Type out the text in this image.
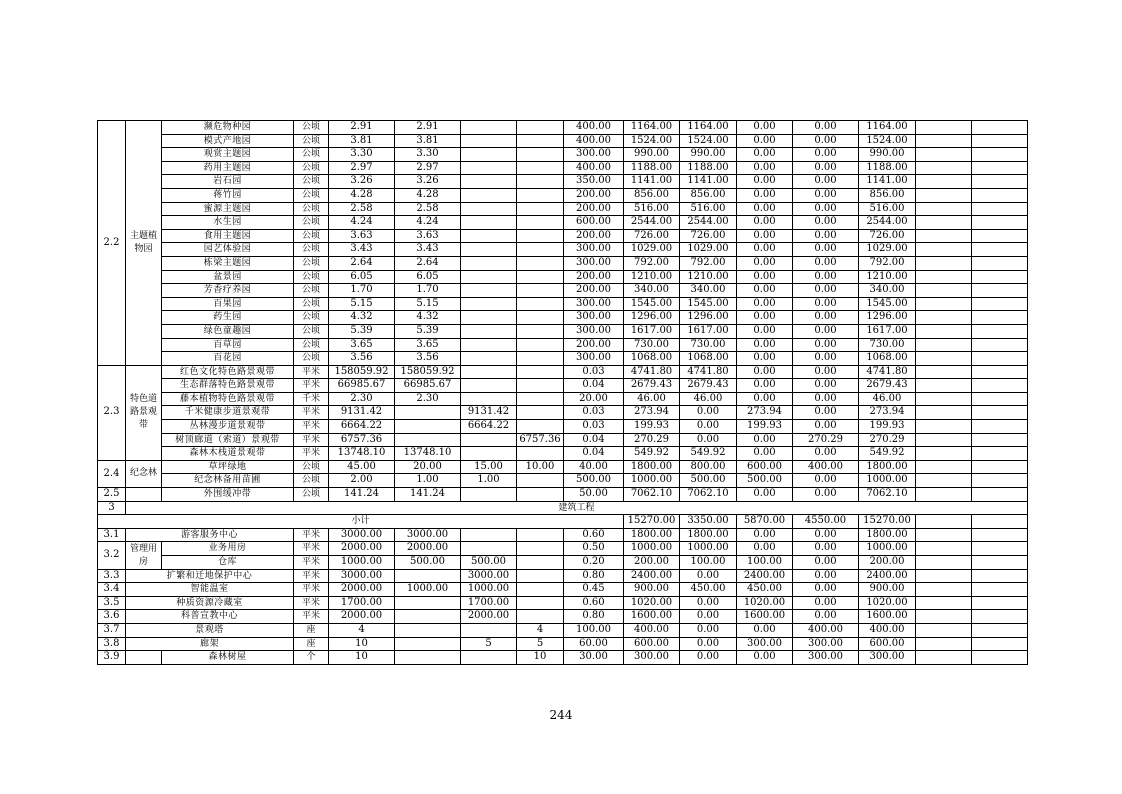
2.2	主题植物园	濒危物种园	公顷	2.91	2.91			400.00	1164.00	1164.00	0.00	0.00	1164.00		
		模式产地园	公顷	3.81	3.81			400.00	1524.00	1524.00	0.00	0.00	1524.00		
		观赏主题园	公顷	3.30	3.30			300.00	990.00	990.00	0.00	0.00	990.00		
		药用主题园	公顷	2.97	2.97			400.00	1188.00	1188.00	0.00	0.00	1188.00		
		岩石园	公顷	3.26	3.26			350.00	1141.00	1141.00	0.00	0.00	1141.00		
		蒋竹园	公顷	4.28	4.28			200.00	856.00	856.00	0.00	0.00	856.00		
		蜜源主题园	公顷	2.58	2.58			200.00	516.00	516.00	0.00	0.00	516.00		
		水生园	公顷	4.24	4.24			600.00	2544.00	2544.00	0.00	0.00	2544.00		
		食用主题园	公顷	3.63	3.63			200.00	726.00	726.00	0.00	0.00	726.00		
		园艺体验园	公顷	3.43	3.43			300.00	1029.00	1029.00	0.00	0.00	1029.00		
		栋梁主题园	公顷	2.64	2.64			300.00	792.00	792.00	0.00	0.00	792.00		
		盆景园	公顷	6.05	6.05			200.00	1210.00	1210.00	0.00	0.00	1210.00		
		芳香疗养园	公顷	1.70	1.70			200.00	340.00	340.00	0.00	0.00	340.00		
		百果园	公顷	5.15	5.15			300.00	1545.00	1545.00	0.00	0.00	1545.00		
		药生园	公顷	4.32	4.32			300.00	1296.00	1296.00	0.00	0.00	1296.00		
		绿色童趣园	公顷	5.39	5.39			300.00	1617.00	1617.00	0.00	0.00	1617.00		
		百草园	公顷	3.65	3.65			200.00	730.00	730.00	0.00	0.00	730.00		
		百花园	公顷	3.56	3.56			300.00	1068.00	1068.00	0.00	0.00	1068.00		
2.3	特色道路景观带	红色文化特色路景观带	平米	158059.92	158059.92			0.03	4741.80	4741.80	0.00	0.00	4741.80		
		生态群落特色路景观带	平米	66985.67	66985.67			0.04	2679.43	2679.43	0.00	0.00	2679.43		
		藤本植物特色路景观带	千米	2.30	2.30			20.00	46.00	46.00	0.00	0.00	46.00		
		千米健康步道景观带	平米	9131.42		9131.42		0.03	273.94	0.00	273.94	0.00	273.94		
		丛林漫步道景观带	平米	6664.22		6664.22		0.03	199.93	0.00	199.93	0.00	199.93		
		树顶廊道（索道）景观带	平米	6757.36			6757.36	0.04	270.29	0.00	0.00	270.29	270.29		
		森林木栈道景观带	平米	13748.10	13748.10			0.04	549.92	549.92	0.00	0.00	549.92		
2.4	纪念林	草坪绿地	公顷	45.00	20.00	15.00	10.00	40.00	1800.00	800.00	600.00	400.00	1800.00		
		纪念林备用苗圃	公顷	2.00	1.00	1.00		500.00	1000.00	500.00	500.00	0.00	1000.00		
2.5		外围缓冲带	公顷	141.24	141.24			50.00	7062.10	7062.10	0.00	0.00	7062.10		
3	建筑工程														
小计									15270.00	3350.00	5870.00	4550.00	15270.00		
3.1	游客服务中心		平米	3000.00	3000.00			0.60	1800.00	1800.00	0.00	0.00	1800.00		
3.2	管理用房	业务用房	平米	2000.00	2000.00			0.50	1000.00	1000.00	0.00	0.00	1000.00		
		仓库	平米	1000.00	500.00	500.00		0.20	200.00	100.00	100.00	0.00	200.00		
3.3	扩繁和迁地保护中心		平米	3000.00		3000.00		0.80	2400.00	0.00	2400.00	0.00	2400.00		
3.4	智能温室		平米	2000.00	1000.00	1000.00		0.45	900.00	450.00	450.00	0.00	900.00		
3.5	种质资源冷藏室		平米	1700.00		1700.00		0.60	1020.00	0.00	1020.00	0.00	1020.00		
3.6	科普宣教中心		平米	2000.00		2000.00		0.80	1600.00	0.00	1600.00	0.00	1600.00		
3.7	景观塔		座	4			4	100.00	400.00	0.00	0.00	400.00	400.00		
3.8	廊架		座	10		5	5	60.00	600.00	0.00	300.00	300.00	600.00		
3.9		森林树屋	个	10			10	30.00	300.00	0.00	0.00	300.00	300.00		
244
